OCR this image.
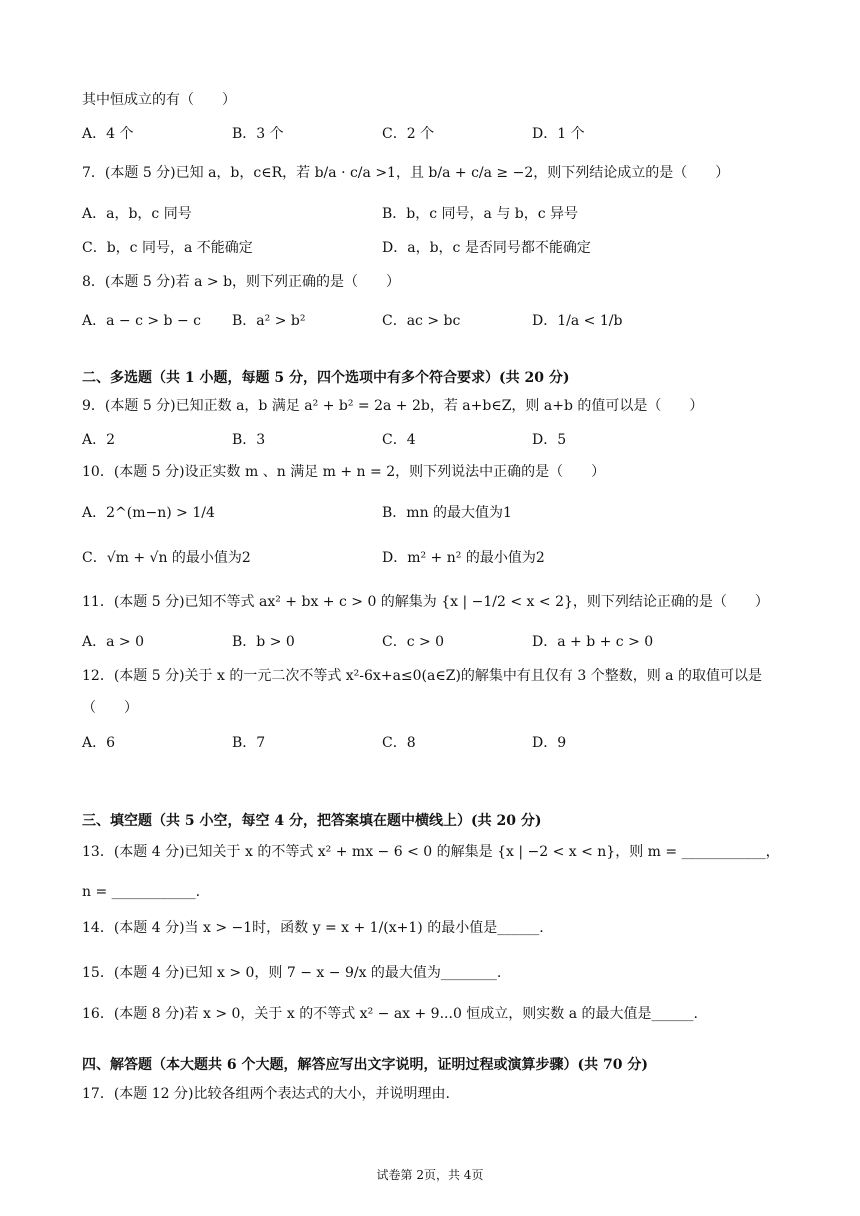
其中恒成立的有（　　）
A．4 个	B．3 个	C．2 个	D．1 个
7．(本题 5 分)已知 a，b，c∈R，若 b/a · c/a >1，且 b/a + c/a ≥ −2，则下列结论成立的是（　　）
A．a，b，c 同号	B．b，c 同号，a 与 b，c 异号
C．b，c 同号，a 不能确定	D．a，b，c 是否同号都不能确定
8．(本题 5 分)若 a > b，则下列正确的是（　　）
A．a − c > b − c B．a² > b²	C．ac > bc	D．1/a < 1/b
二、多选题（共 1 小题，每题 5 分，四个选项中有多个符合要求）(共 20 分)
9．(本题 5 分)已知正数 a，b 满足 a² + b² = 2a + 2b，若 a+b∈Z，则 a+b 的值可以是（　　）
A．2	B．3	C．4	D．5
10．(本题 5 分)设正实数 m 、n 满足 m + n = 2，则下列说法中正确的是（　　）
A．2^(m−n) > 1/4	B．mn 的最大值为1
C．√m + √n 的最小值为2	D．m² + n² 的最小值为2
11．(本题 5 分)已知不等式 ax² + bx + c > 0 的解集为 {x | −1/2 < x < 2}，则下列结论正确的是（　　）
A．a > 0	B．b > 0	C．c > 0	D．a + b + c > 0
12．(本题 5 分)关于 x 的一元二次不等式 x²-6x+a≤0(a∈Z)的解集中有且仅有 3 个整数，则 a 的取值可以是
（　　）
A．6	B．7	C．8	D．9
三、填空题（共 5 小空，每空 4 分，把答案填在题中横线上）(共 20 分)
13．(本题 4 分)已知关于 x 的不等式 x² + mx − 6 < 0 的解集是 {x | −2 < x < n}，则 m = ____________，
n = ____________.
14．(本题 4 分)当 x > −1时，函数 y = x + 1/(x+1) 的最小值是______.
15．(本题 4 分)已知 x > 0，则 7 − x − 9/x 的最大值为________.
16．(本题 8 分)若 x > 0，关于 x 的不等式 x² − ax + 9...0 恒成立，则实数 a 的最大值是______.
四、解答题（本大题共 6 个大题，解答应写出文字说明，证明过程或演算步骤）(共 70 分)
17．(本题 12 分)比较各组两个表达式的大小，并说明理由.
试卷第 2页，共 4页
